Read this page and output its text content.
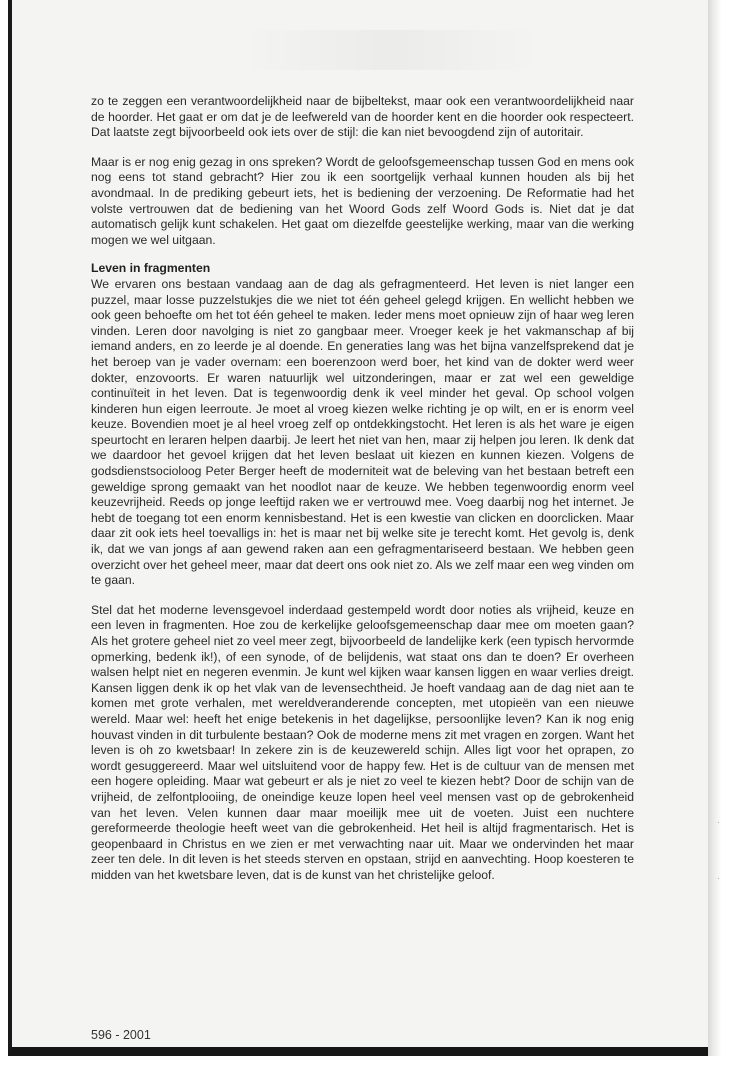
zo te zeggen een verantwoordelijkheid naar de bijbeltekst, maar ook een verantwoordelijkheid naar de hoorder. Het gaat er om dat je de leefwereld van de hoorder kent en die hoorder ook respecteert. Dat laatste zegt bijvoorbeeld ook iets over de stijl: die kan niet bevoogdend zijn of autoritair.

Maar is er nog enig gezag in ons spreken? Wordt de geloofsgemeenschap tussen God en mens ook nog eens tot stand gebracht? Hier zou ik een soortgelijk verhaal kunnen houden als bij het avondmaal. In de prediking gebeurt iets, het is bediening der verzoening. De Reformatie had het volste vertrouwen dat de bediening van het Woord Gods zelf Woord Gods is. Niet dat je dat automatisch gelijk kunt schakelen. Het gaat om diezelfde geestelijke werking, maar van die werking mogen we wel uitgaan.

Leven in fragmenten

We ervaren ons bestaan vandaag aan de dag als gefragmenteerd. Het leven is niet langer een puzzel, maar losse puzzelstukjes die we niet tot één geheel gelegd krijgen. En wellicht hebben we ook geen behoefte om het tot één geheel te maken. Ieder mens moet opnieuw zijn of haar weg leren vinden. Leren door navolging is niet zo gangbaar meer. Vroeger keek je het vakmanschap af bij iemand anders, en zo leerde je al doende. En generaties lang was het bijna vanzelfsprekend dat je het beroep van je vader overnam: een boerenzoon werd boer, het kind van de dokter werd weer dokter, enzovoorts. Er waren natuurlijk wel uitzonderingen, maar er zat wel een geweldige continuïteit in het leven. Dat is tegenwoordig denk ik veel minder het geval. Op school volgen kinderen hun eigen leerroute. Je moet al vroeg kiezen welke richting je op wilt, en er is enorm veel keuze. Bovendien moet je al heel vroeg zelf op ontdekkingstocht. Het leren is als het ware je eigen speurtocht en leraren helpen daarbij. Je leert het niet van hen, maar zij helpen jou leren. Ik denk dat we daardoor het gevoel krijgen dat het leven beslaat uit kiezen en kunnen kiezen. Volgens de godsdienstsocioloog Peter Berger heeft de moderniteit wat de beleving van het bestaan betreft een geweldige sprong gemaakt van het noodlot naar de keuze. We hebben tegenwoordig enorm veel keuzevrijheid. Reeds op jonge leeftijd raken we er vertrouwd mee. Voeg daarbij nog het internet. Je hebt de toegang tot een enorm kennisbestand. Het is een kwestie van clicken en doorclicken. Maar daar zit ook iets heel toevalligs in: het is maar net bij welke site je terecht komt. Het gevolg is, denk ik, dat we van jongs af aan gewend raken aan een gefragmentariseerd bestaan. We hebben geen overzicht over het geheel meer, maar dat deert ons ook niet zo. Als we zelf maar een weg vinden om te gaan.

Stel dat het moderne levensgevoel inderdaad gestempeld wordt door noties als vrijheid, keuze en een leven in fragmenten. Hoe zou de kerkelijke geloofsgemeenschap daar mee om moeten gaan? Als het grotere geheel niet zo veel meer zegt, bijvoorbeeld de landelijke kerk (een typisch hervormde opmerking, bedenk ik!), of een synode, of de belijdenis, wat staat ons dan te doen? Er overheen walsen helpt niet en negeren evenmin. Je kunt wel kijken waar kansen liggen en waar verlies dreigt. Kansen liggen denk ik op het vlak van de levensechtheid. Je hoeft vandaag aan de dag niet aan te komen met grote verhalen, met wereldveranderende concepten, met utopieën van een nieuwe wereld. Maar wel: heeft het enige betekenis in het dagelijkse, persoonlijke leven? Kan ik nog enig houvast vinden in dit turbulente bestaan? Ook de moderne mens zit met vragen en zorgen. Want het leven is oh zo kwetsbaar! In zekere zin is de keuzewereld schijn. Alles ligt voor het oprapen, zo wordt gesuggereerd. Maar wel uitsluitend voor de happy few. Het is de cultuur van de mensen met een hogere opleiding. Maar wat gebeurt er als je niet zo veel te kiezen hebt? Door de schijn van de vrijheid, de zelfontplooiing, de oneindige keuze lopen heel veel mensen vast op de gebrokenheid van het leven. Velen kunnen daar maar moeilijk mee uit de voeten. Juist een nuchtere gereformeerde theologie heeft weet van die gebrokenheid. Het heil is altijd fragmentarisch. Het is geopenbaard in Christus en we zien er met verwachting naar uit. Maar we ondervinden het maar zeer ten dele. In dit leven is het steeds sterven en opstaan, strijd en aanvechting. Hoop koesteren te midden van het kwetsbare leven, dat is de kunst van het christelijke geloof.

596 - 2001
·
·
